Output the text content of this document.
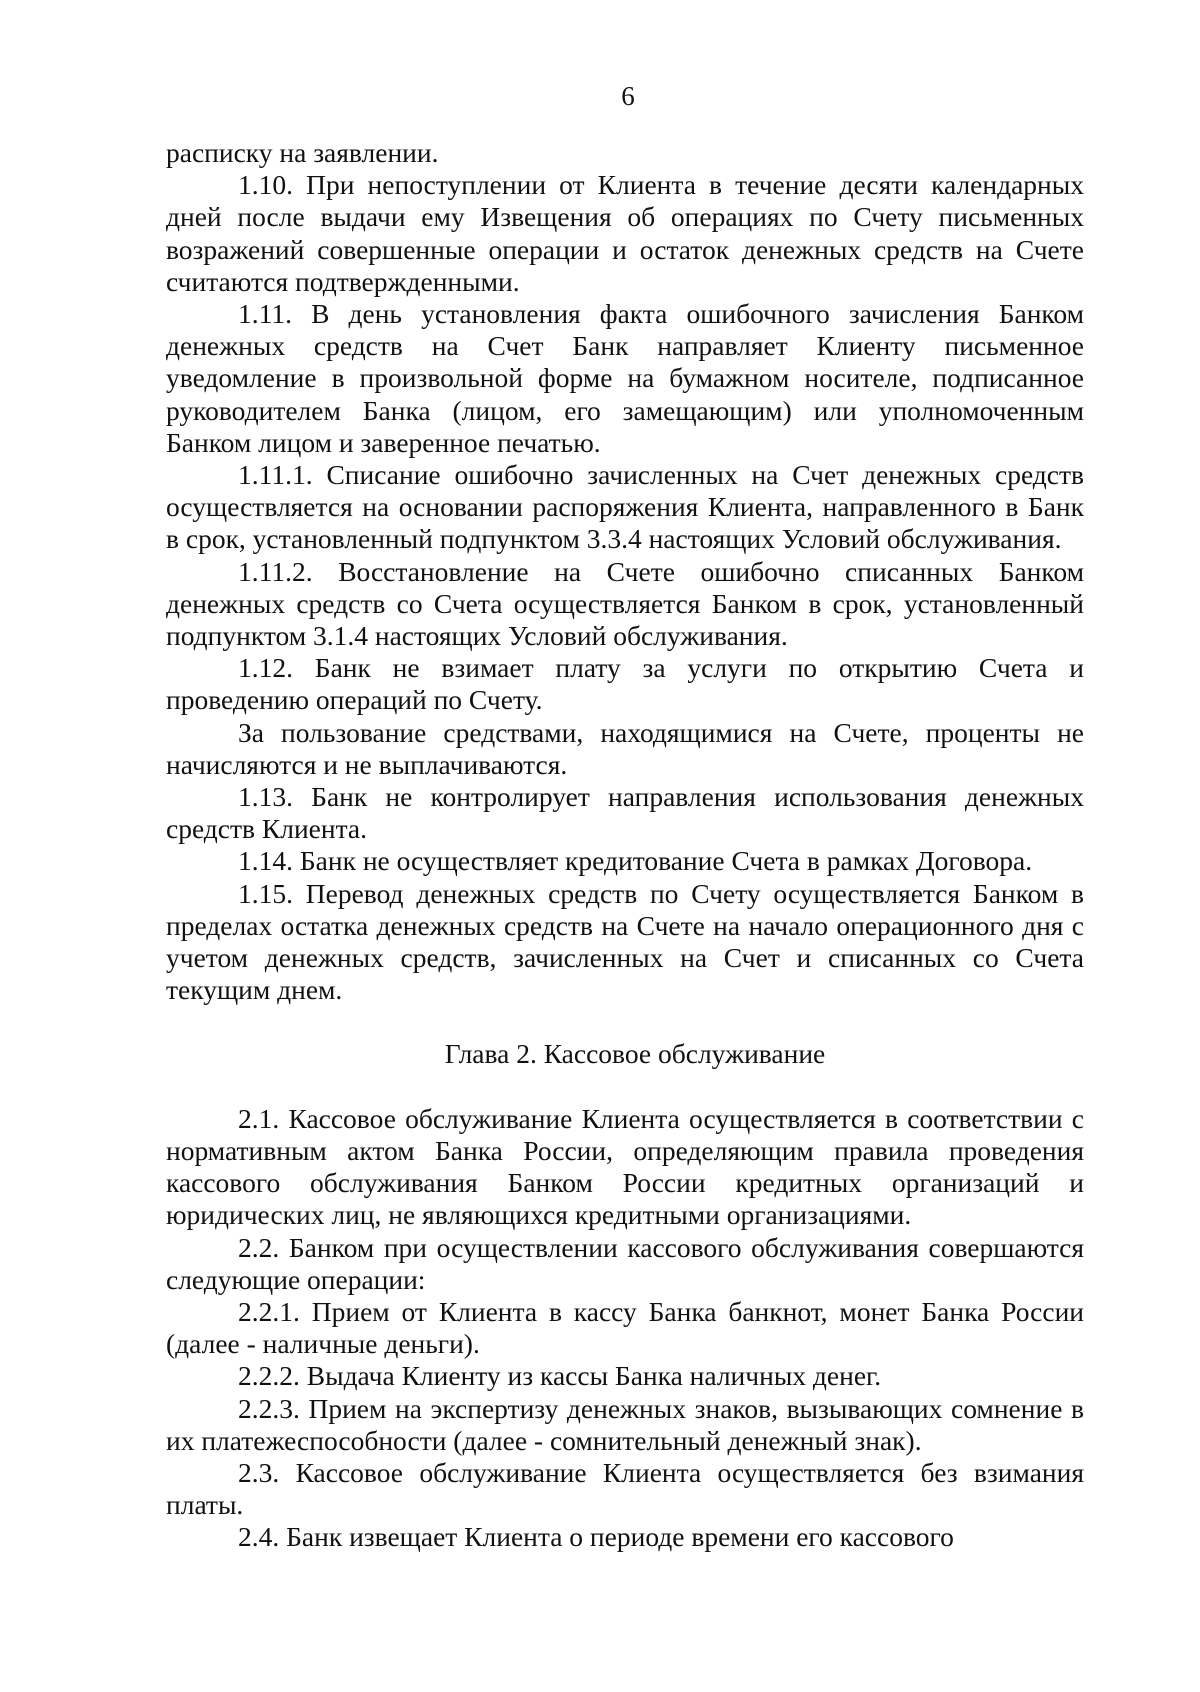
6

расписку на заявлении.

1.10. При непоступлении от Клиента в течение десяти календарных дней после выдачи ему Извещения об операциях по Счету письменных возражений совершенные операции и остаток денежных средств на Счете считаются подтвержденными.

1.11. В день установления факта ошибочного зачисления Банком денежных средств на Счет Банк направляет Клиенту письменное уведомление в произвольной форме на бумажном носителе, подписанное руководителем Банка (лицом, его замещающим) или уполномоченным Банком лицом и заверенное печатью.

1.11.1. Списание ошибочно зачисленных на Счет денежных средств осуществляется на основании распоряжения Клиента, направленного в Банк в срок, установленный подпунктом 3.3.4 настоящих Условий обслуживания.

1.11.2. Восстановление на Счете ошибочно списанных Банком денежных средств со Счета осуществляется Банком в срок, установленный подпунктом 3.1.4 настоящих Условий обслуживания.

1.12. Банк не взимает плату за услуги по открытию Счета и проведению операций по Счету.

За пользование средствами, находящимися на Счете, проценты не начисляются и не выплачиваются.

1.13. Банк не контролирует направления использования денежных средств Клиента.

1.14. Банк не осуществляет кредитование Счета в рамках Договора.

1.15. Перевод денежных средств по Счету осуществляется Банком в пределах остатка денежных средств на Счете на начало операционного дня с учетом денежных средств, зачисленных на Счет и списанных со Счета текущим днем.

Глава 2. Кассовое обслуживание

2.1. Кассовое обслуживание Клиента осуществляется в соответствии с нормативным актом Банка России, определяющим правила проведения кассового обслуживания Банком России кредитных организаций и юридических лиц, не являющихся кредитными организациями.

2.2. Банком при осуществлении кассового обслуживания совершаются следующие операции:

2.2.1. Прием от Клиента в кассу Банка банкнот, монет Банка России (далее - наличные деньги).

2.2.2. Выдача Клиенту из кассы Банка наличных денег.

2.2.3. Прием на экспертизу денежных знаков, вызывающих сомнение в их платежеспособности (далее - сомнительный денежный знак).

2.3. Кассовое обслуживание Клиента осуществляется без взимания платы.

2.4. Банк извещает Клиента о периоде времени его кассового
